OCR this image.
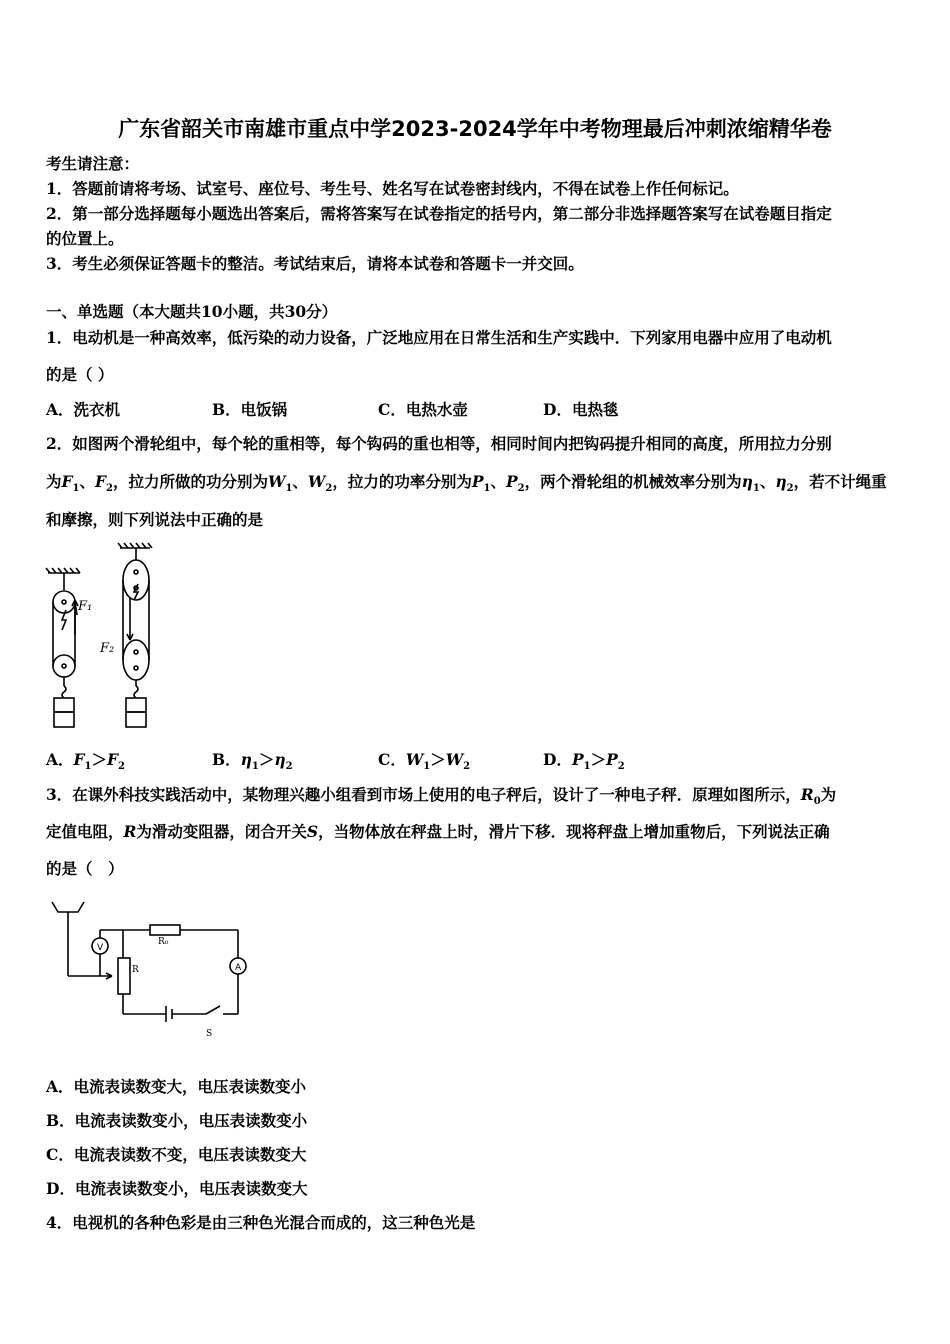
广东省韶关市南雄市重点中学2023-2024学年中考物理最后冲刺浓缩精华卷
考生请注意：
1．答题前请将考场、试室号、座位号、考生号、姓名写在试卷密封线内，不得在试卷上作任何标记。
2．第一部分选择题每小题选出答案后，需将答案写在试卷指定的括号内，第二部分非选择题答案写在试卷题目指定
的位置上。
3．考生必须保证答题卡的整洁。考试结束后，请将本试卷和答题卡一并交回。
一、单选题（本大题共10小题，共30分）
1．电动机是一种高效率，低污染的动力设备，广泛地应用在日常生活和生产实践中．下列家用电器中应用了电动机
的是（ ）
A．洗衣机	B．电饭锅	C．电热水壶	D．电热毯
2．如图两个滑轮组中，每个轮的重相等，每个钩码的重也相等，相同时间内把钩码提升相同的高度，所用拉力分别
为$F_1$、$F_2$，拉力所做的功分别为$W_1$、$W_2$，拉力的功率分别为$P_1$、$P_2$，两个滑轮组的机械效率分别为$\eta_1$、$\eta_2$，若不计绳重
和摩擦，则下列说法中正确的是
F₁
F₂
A．$F_1>F_2$	B．$\eta_1>\eta_2$	C．$W_1>W_2$	D．$P_1>P_2$
3．在课外科技实践活动中，某物理兴趣小组看到市场上使用的电子秤后，设计了一种电子秤．原理如图所示，$R_0$为
定值电阻，R为滑动变阻器，闭合开关S，当物体放在秤盘上时，滑片下移．现将秤盘上增加重物后，下列说法正确
的是（　）
V
A
R₀
R
S
A．电流表读数变大，电压表读数变小
B．电流表读数变小，电压表读数变小
C．电流表读数不变，电压表读数变大
D．电流表读数变小，电压表读数变大
4．电视机的各种色彩是由三种色光混合而成的，这三种色光是
